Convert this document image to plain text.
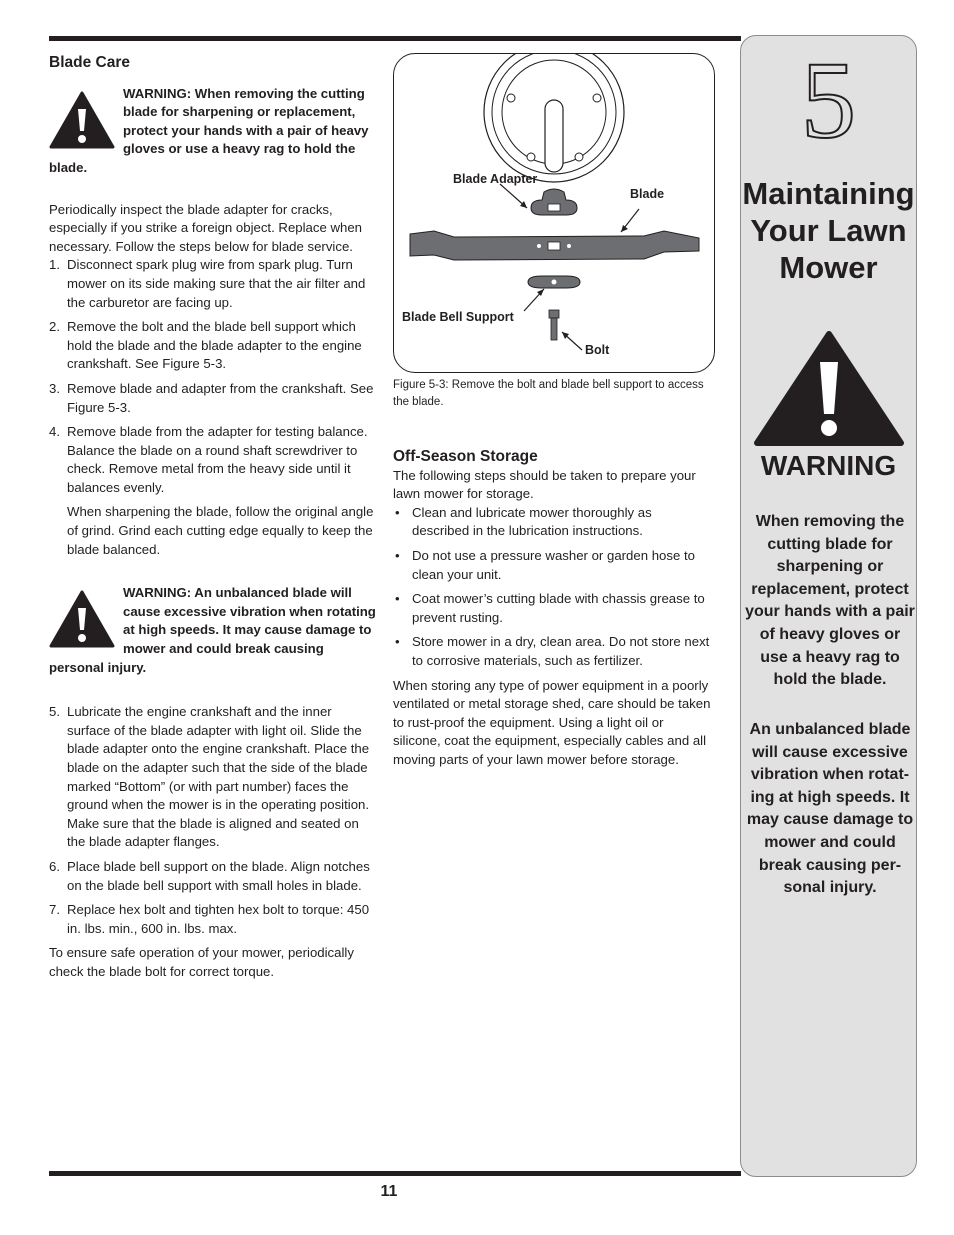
11
Blade Care
WARNING: When removing the cutting blade for sharpening or replacement, protect your hands with a pair of heavy gloves or use a heavy rag to hold the blade.

Periodically inspect the blade adapter for cracks, especially if you strike a foreign object. Replace when necessary. Follow the steps below for blade service.

1. Disconnect spark plug wire from spark plug. Turn mower on its side making sure that the air filter and the carburetor are facing up.
2. Remove the bolt and the blade bell support which hold the blade and the blade adapter to the engine crankshaft. See Figure 5-3.
3. Remove blade and adapter from the crankshaft. See Figure 5-3.
4. Remove blade from the adapter for testing balance. Balance the blade on a round shaft screwdriver to check. Remove metal from the heavy side until it balances evenly.

When sharpening the blade, follow the original angle of grind. Grind each cutting edge equally to keep the blade balanced.

WARNING: An unbalanced blade will cause excessive vibration when rotating at high speeds. It may cause damage to mower and could break causing personal injury.
5. Lubricate the engine crankshaft and the inner surface of the blade adapter with light oil. Slide the blade adapter onto the engine crankshaft. Place the blade on the adapter such that the side of the blade marked “Bottom” (or with part number) faces the ground when the mower is in the operating position. Make sure that the blade is aligned and seated on the blade adapter flanges.
6. Place blade bell support on the blade. Align notches on the blade bell support with small holes in blade.
7. Replace hex bolt and tighten hex bolt to torque: 450 in. lbs. min., 600 in. lbs. max.

To ensure safe operation of your mower, periodically check the blade bolt for correct torque.

Blade Adapter
Blade
Blade Bell Support
Bolt
Figure 5-3: Remove the bolt and blade bell support to access the blade.
Off-Season Storage

The following steps should be taken to prepare your lawn mower for storage.

• Clean and lubricate mower thoroughly as described in the lubrication instructions.
• Do not use a pressure washer or garden hose to clean your unit.
• Coat mower’s cutting blade with chassis grease to prevent rusting.
• Store mower in a dry, clean area. Do not store next to corrosive materials, such as fertilizer.

When storing any type of power equipment in a poorly ventilated or metal storage shed, care should be taken to rust-proof the equipment. Using a light oil or silicone, coat the equipment, especially cables and all moving parts of your lawn mower before storage.

5
Maintaining Your Lawn Mower
WARNING
When removing the cutting blade for sharpening or replacement, protect your hands with a pair of heavy gloves or use a heavy rag to hold the blade.
An unbalanced blade will cause excessive vibration when rotat-ing at high speeds. It may cause damage to mower and could break causing per-sonal injury.
